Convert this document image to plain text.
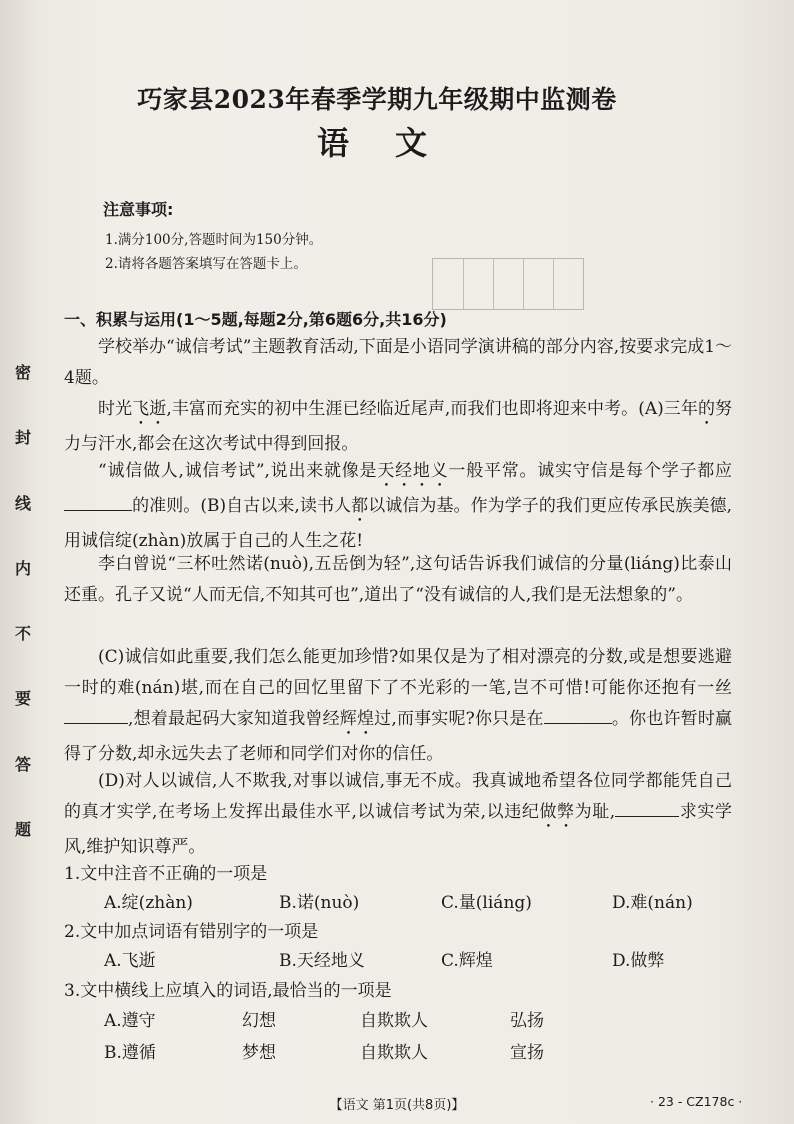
密
封
线
内
不
要
答
题
巧家县2023年春季学期九年级期中监测卷
语文
注意事项:
1.满分100分,答题时间为150分钟。
2.请将各题答案填写在答题卡上。
一、积累与运用(1～5题,每题2分,第6题6分,共16分)
学校举办“诚信考试”主题教育活动,下面是小语同学演讲稿的部分内容,按要求完成1～4题。
时光飞逝,丰富而充实的初中生涯已经临近尾声,而我们也即将迎来中考。(A)三年的努力与汗水,都会在这次考试中得到回报。
“诚信做人,诚信考试”,说出来就像是天经地义一般平常。诚实守信是每个学子都应的准则。(B)自古以来,读书人都以诚信为基。作为学子的我们更应传承民族美德,用诚信绽(zhàn)放属于自己的人生之花!
李白曾说“三杯吐然诺(nuò),五岳倒为轻”,这句话告诉我们诚信的分量(liáng)比泰山还重。孔子又说“人而无信,不知其可也”,道出了“没有诚信的人,我们是无法想象的”。
(C)诚信如此重要,我们怎么能更加珍惜?如果仅是为了相对漂亮的分数,或是想要逃避一时的难(nán)堪,而在自己的回忆里留下了不光彩的一笔,岂不可惜!可能你还抱有一丝,想着最起码大家知道我曾经辉煌过,而事实呢?你只是在	。你也许暂时赢得了分数,却永远失去了老师和同学们对你的信任。
(D)对人以诚信,人不欺我,对事以诚信,事无不成。我真诚地希望各位同学都能凭自己的真才实学,在考场上发挥出最佳水平,以诚信考试为荣,以违纪做弊为耻,	求实学风,维护知识尊严。
1.文中注音不正确的一项是
A.绽(zhàn)	B.诺(nuò)	C.量(liáng)	D.难(nán)
2.文中加点词语有错别字的一项是
A.飞逝	B.天经地义	C.辉煌	D.做弊
3.文中横线上应填入的词语,最恰当的一项是
A.遵守	幻想	自欺欺人	弘扬
B.遵循	梦想	自欺欺人	宣扬
【语文 第1页(共8页)】	· 23 - CZ178c ·
